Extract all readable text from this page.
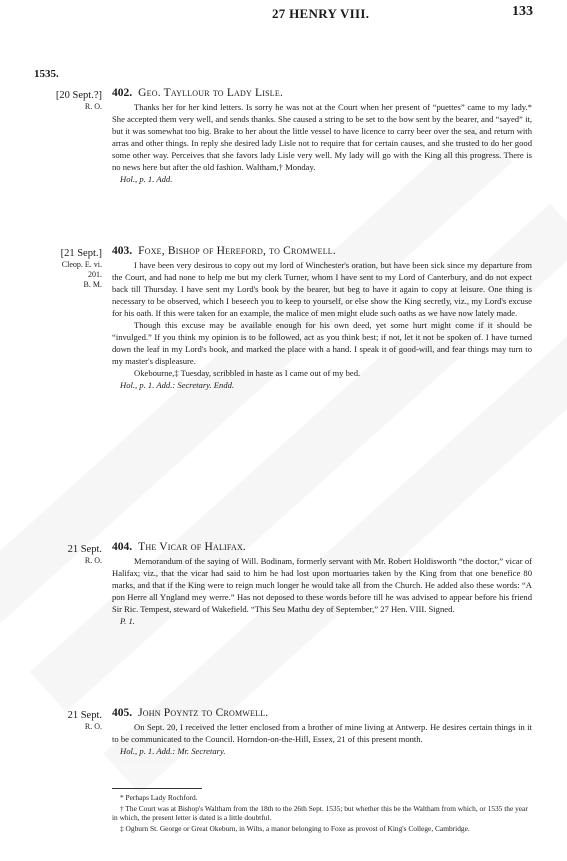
27 HENRY VIII.	133
1535.
[20 Sept.?]
R. O.

402. Geo. Tayllour to Lady Lisle.

Thanks her for her kind letters. Is sorry he was not at the Court when her present of “puettes” came to my lady.* She accepted them very well, and sends thanks. She caused a string to be set to the bow sent by the bearer, and “sayed” it, but it was somewhat too big. Brake to her about the little vessel to have licence to carry beer over the sea, and return with arras and other things. In reply she desired lady Lisle not to require that for certain causes, and she trusted to do her good some other way. Perceives that she favors lady Lisle very well. My lady will go with the King all this progress. There is no news here but after the old fashion. Waltham,† Monday.

Hol., p. 1. Add.

[21 Sept.]
Cleop. E. vi.
201.
B. M.

403. Foxe, Bishop of Hereford, to Cromwell.

I have been very desirous to copy out my lord of Winchester's oration, but have been sick since my departure from the Court, and had none to help me but my clerk Turner, whom I have sent to my Lord of Canterbury, and do not expect back till Thursday. I have sent my Lord's book by the bearer, but beg to have it again to copy at leisure. One thing is necessary to be observed, which I beseech you to keep to yourself, or else show the King secretly, viz., my Lord's excuse for his oath. If this were taken for an example, the malice of men might elude such oaths as we have now lately made.

Though this excuse may be available enough for his own deed, yet some hurt might come if it should be “invulged.” If you think my opinion is to be followed, act as you think best; if not, let it not be spoken of. I have turned down the leaf in my Lord's book, and marked the place with a hand. I speak it of good-will, and fear things may turn to my master's displeasure.

Okebourne,‡ Tuesday, scribbled in haste as I came out of my bed.

Hol., p. 1. Add.: Secretary. Endd.

21 Sept.
R. O.

404. The Vicar of Halifax.

Memorandum of the saying of Will. Bodinam, formerly servant with Mr. Robert Holdisworth “the doctor,” vicar of Halifax; viz., that the vicar had said to him he had lost upon mortuaries taken by the King from that one benefice 80 marks, and that if the King were to reign much longer he would take all from the Church. He added also these words: “A pon Herre all Yngland mey werre.” Has not deposed to these words before till he was advised to appear before his friend Sir Ric. Tempest, steward of Wakefield. “This Seu Mathu dey of September,” 27 Hen. VIII. Signed.

P. 1.

21 Sept.
R. O.

405. John Poyntz to Cromwell.

On Sept. 20, I received the letter enclosed from a brother of mine living at Antwerp. He desires certain things in it to be communicated to the Council. Horndon-on-the-Hill, Essex, 21 of this present month.

Hol., p. 1. Add.: Mr. Secretary.

* Perhaps Lady Rochford.

† The Court was at Bishop's Waltham from the 18th to the 26th Sept. 1535; but whether this be the Waltham from which, or 1535 the year in which, the present letter is dated is a little doubtful.

‡ Ogburn St. George or Great Okeburn, in Wilts, a manor belonging to Foxe as provost of King's College, Cambridge.
